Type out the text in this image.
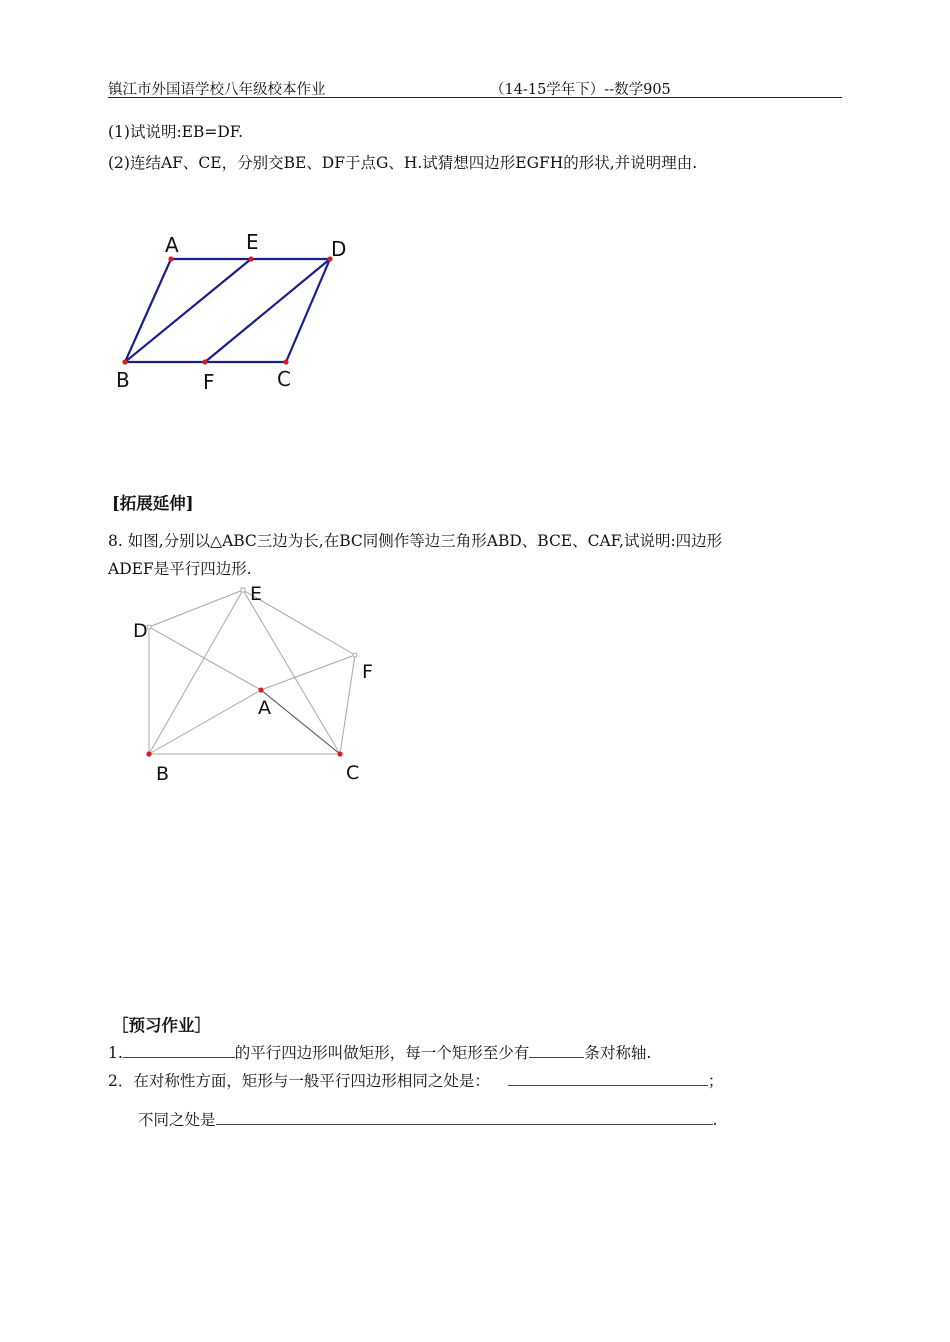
镇江市外国语学校八年级校本作业	（14-15学年下）--数学905
(1)试说明:EB=DF.
(2)连结AF、CE，分别交BE、DF于点G、H.试猜想四边形EGFH的形状,并说明理由.
A	E	D
B	F	C
E
D
F
A
B	C
[拓展延伸]
8. 如图,分别以△ABC三边为长,在BC同侧作等边三角形ABD、BCE、CAF,试说明:四边形
ADEF是平行四边形.
［预习作业］
1.	的平行四边形叫做矩形，每一个矩形至少有	条对称轴.
2．在对称性方面，矩形与一般平行四边形相同之处是：	；
不同之处是	.
